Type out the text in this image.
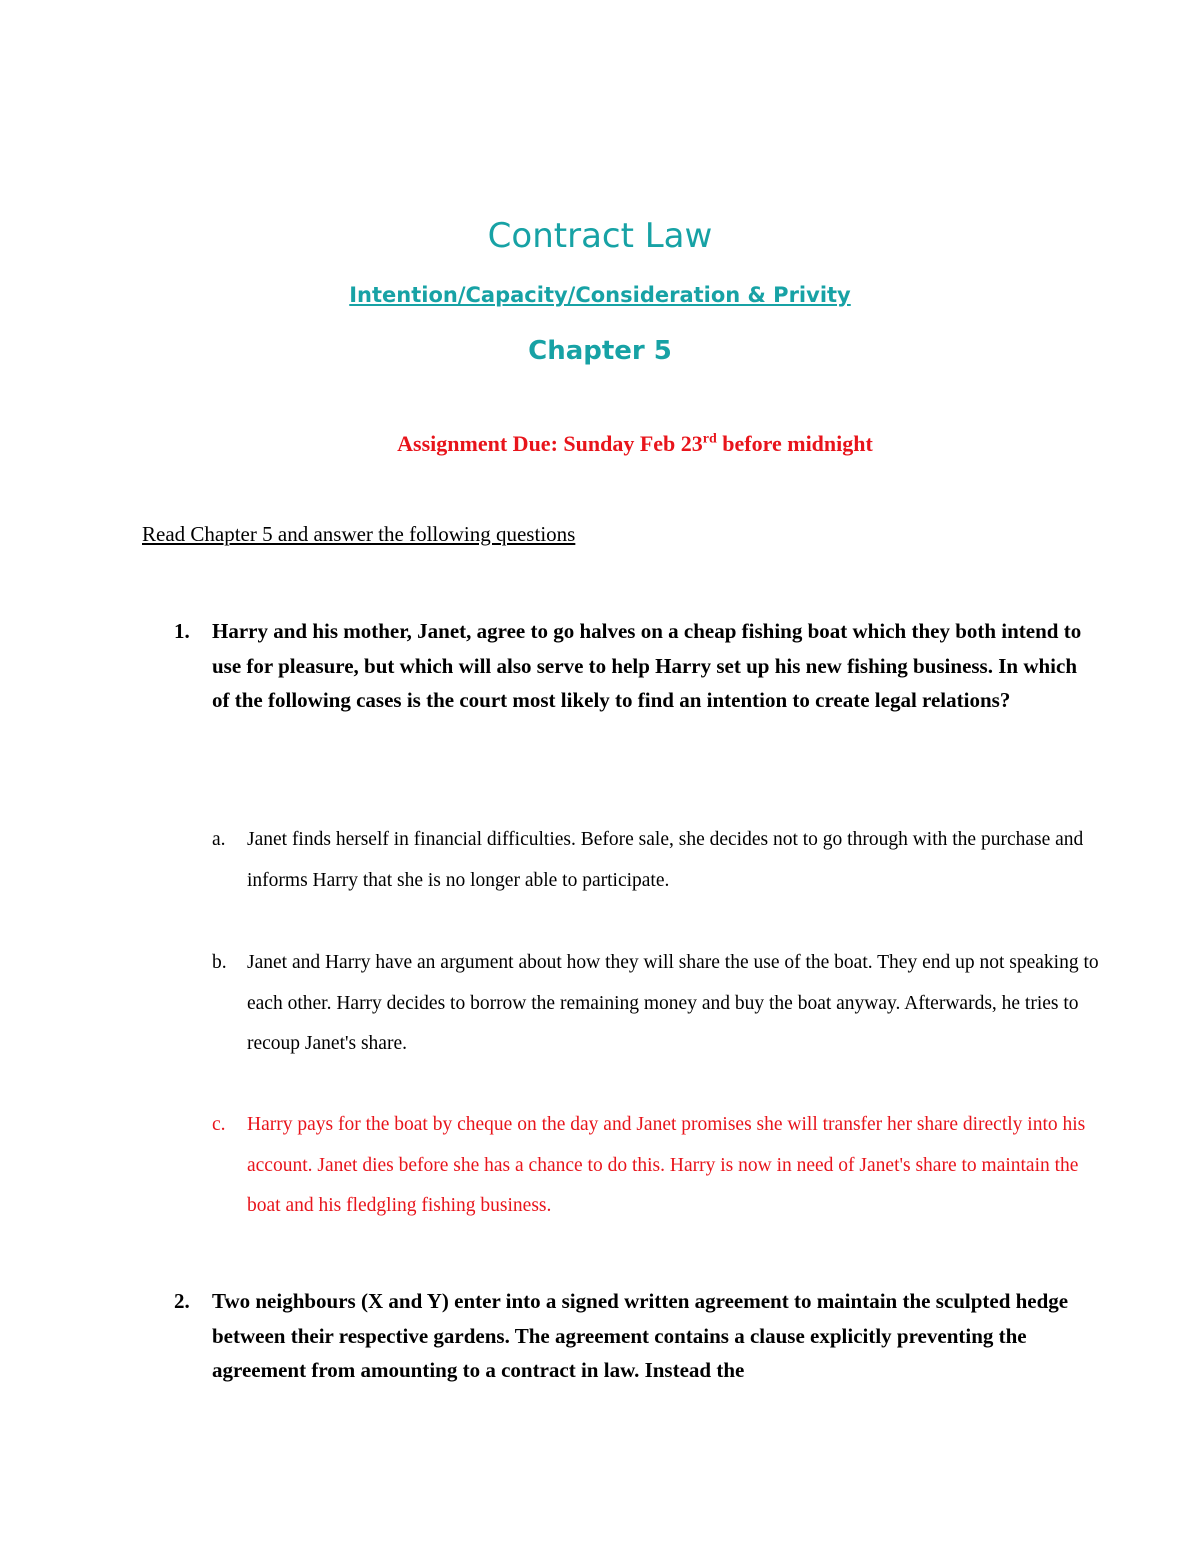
Contract Law
Intention/Capacity/Consideration & Privity
Chapter 5
Assignment Due: Sunday Feb 23rd before midnight
Read Chapter 5 and answer the following questions
1. Harry and his mother, Janet, agree to go halves on a cheap fishing boat which they both intend to use for pleasure, but which will also serve to help Harry set up his new fishing business. In which of the following cases is the court most likely to find an intention to create legal relations?
a. Janet finds herself in financial difficulties. Before sale, she decides not to go through with the purchase and informs Harry that she is no longer able to participate.
b. Janet and Harry have an argument about how they will share the use of the boat. They end up not speaking to each other. Harry decides to borrow the remaining money and buy the boat anyway. Afterwards, he tries to recoup Janet's share.
c. Harry pays for the boat by cheque on the day and Janet promises she will transfer her share directly into his account. Janet dies before she has a chance to do this. Harry is now in need of Janet's share to maintain the boat and his fledgling fishing business.
2. Two neighbours (X and Y) enter into a signed written agreement to maintain the sculpted hedge between their respective gardens. The agreement contains a clause explicitly preventing the agreement from amounting to a contract in law. Instead the
